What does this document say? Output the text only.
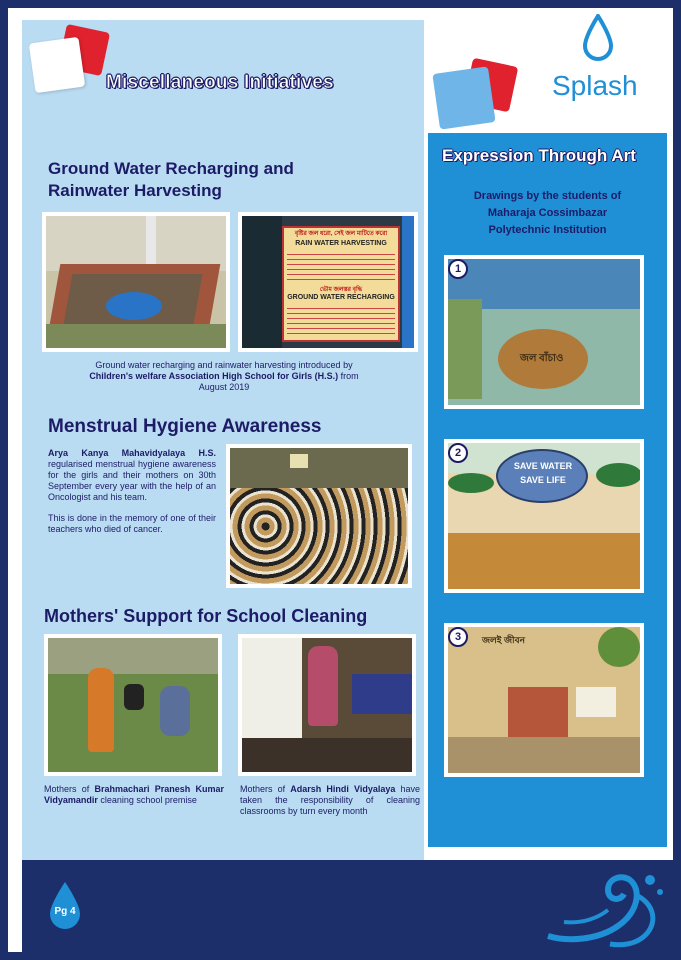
Miscellaneous Initiatives
Ground Water Recharging and
Rainwater Harvesting
বৃষ্টির জল ধরো, সেই জল মাটিতে করো
RAIN WATER HARVESTING
ভৌম জলস্তর বৃদ্ধি
GROUND WATER RECHARGING
Ground water recharging and rainwater harvesting introduced by
Children's welfare Association High School for Girls (H.S.) from
August 2019
Menstrual Hygiene Awareness
Arya Kanya Mahavidyalaya H.S. regularised menstrual hygiene awareness for the girls and their mothers on 30th September every year with the help of an Oncologist and his team.
This is done in the memory of one of their teachers who died of cancer.
Mothers' Support for School Cleaning
Mothers of Brahmachari Pranesh Kumar Vidyamandir cleaning school premise
Mothers of Adarsh Hindi Vidyalaya have taken the responsibility of cleaning classrooms by turn every month
Splash
Expression Through Art
Drawings by the students of
Maharaja Cossimbazar
Polytechnic Institution
1
জল বাঁচাও
2
SAVE WATER
SAVE LIFE
3	জলই জীবন
Pg 4
